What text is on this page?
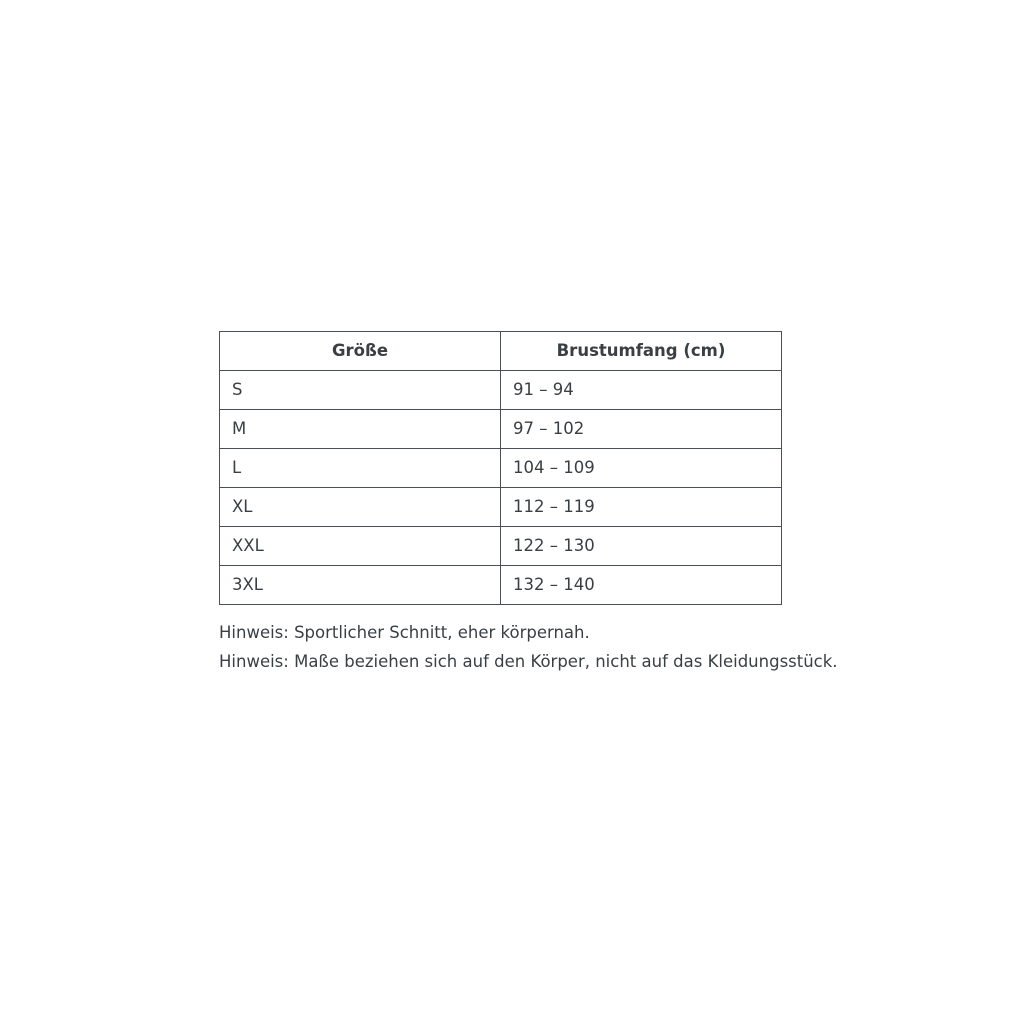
Größe	Brustumfang (cm)
S	91 – 94
M	97 – 102
L	104 – 109
XL	112 – 119
XXL	122 – 130
3XL	132 – 140
Hinweis: Sportlicher Schnitt, eher körpernah.
Hinweis: Maße beziehen sich auf den Körper, nicht auf das Kleidungsstück.
